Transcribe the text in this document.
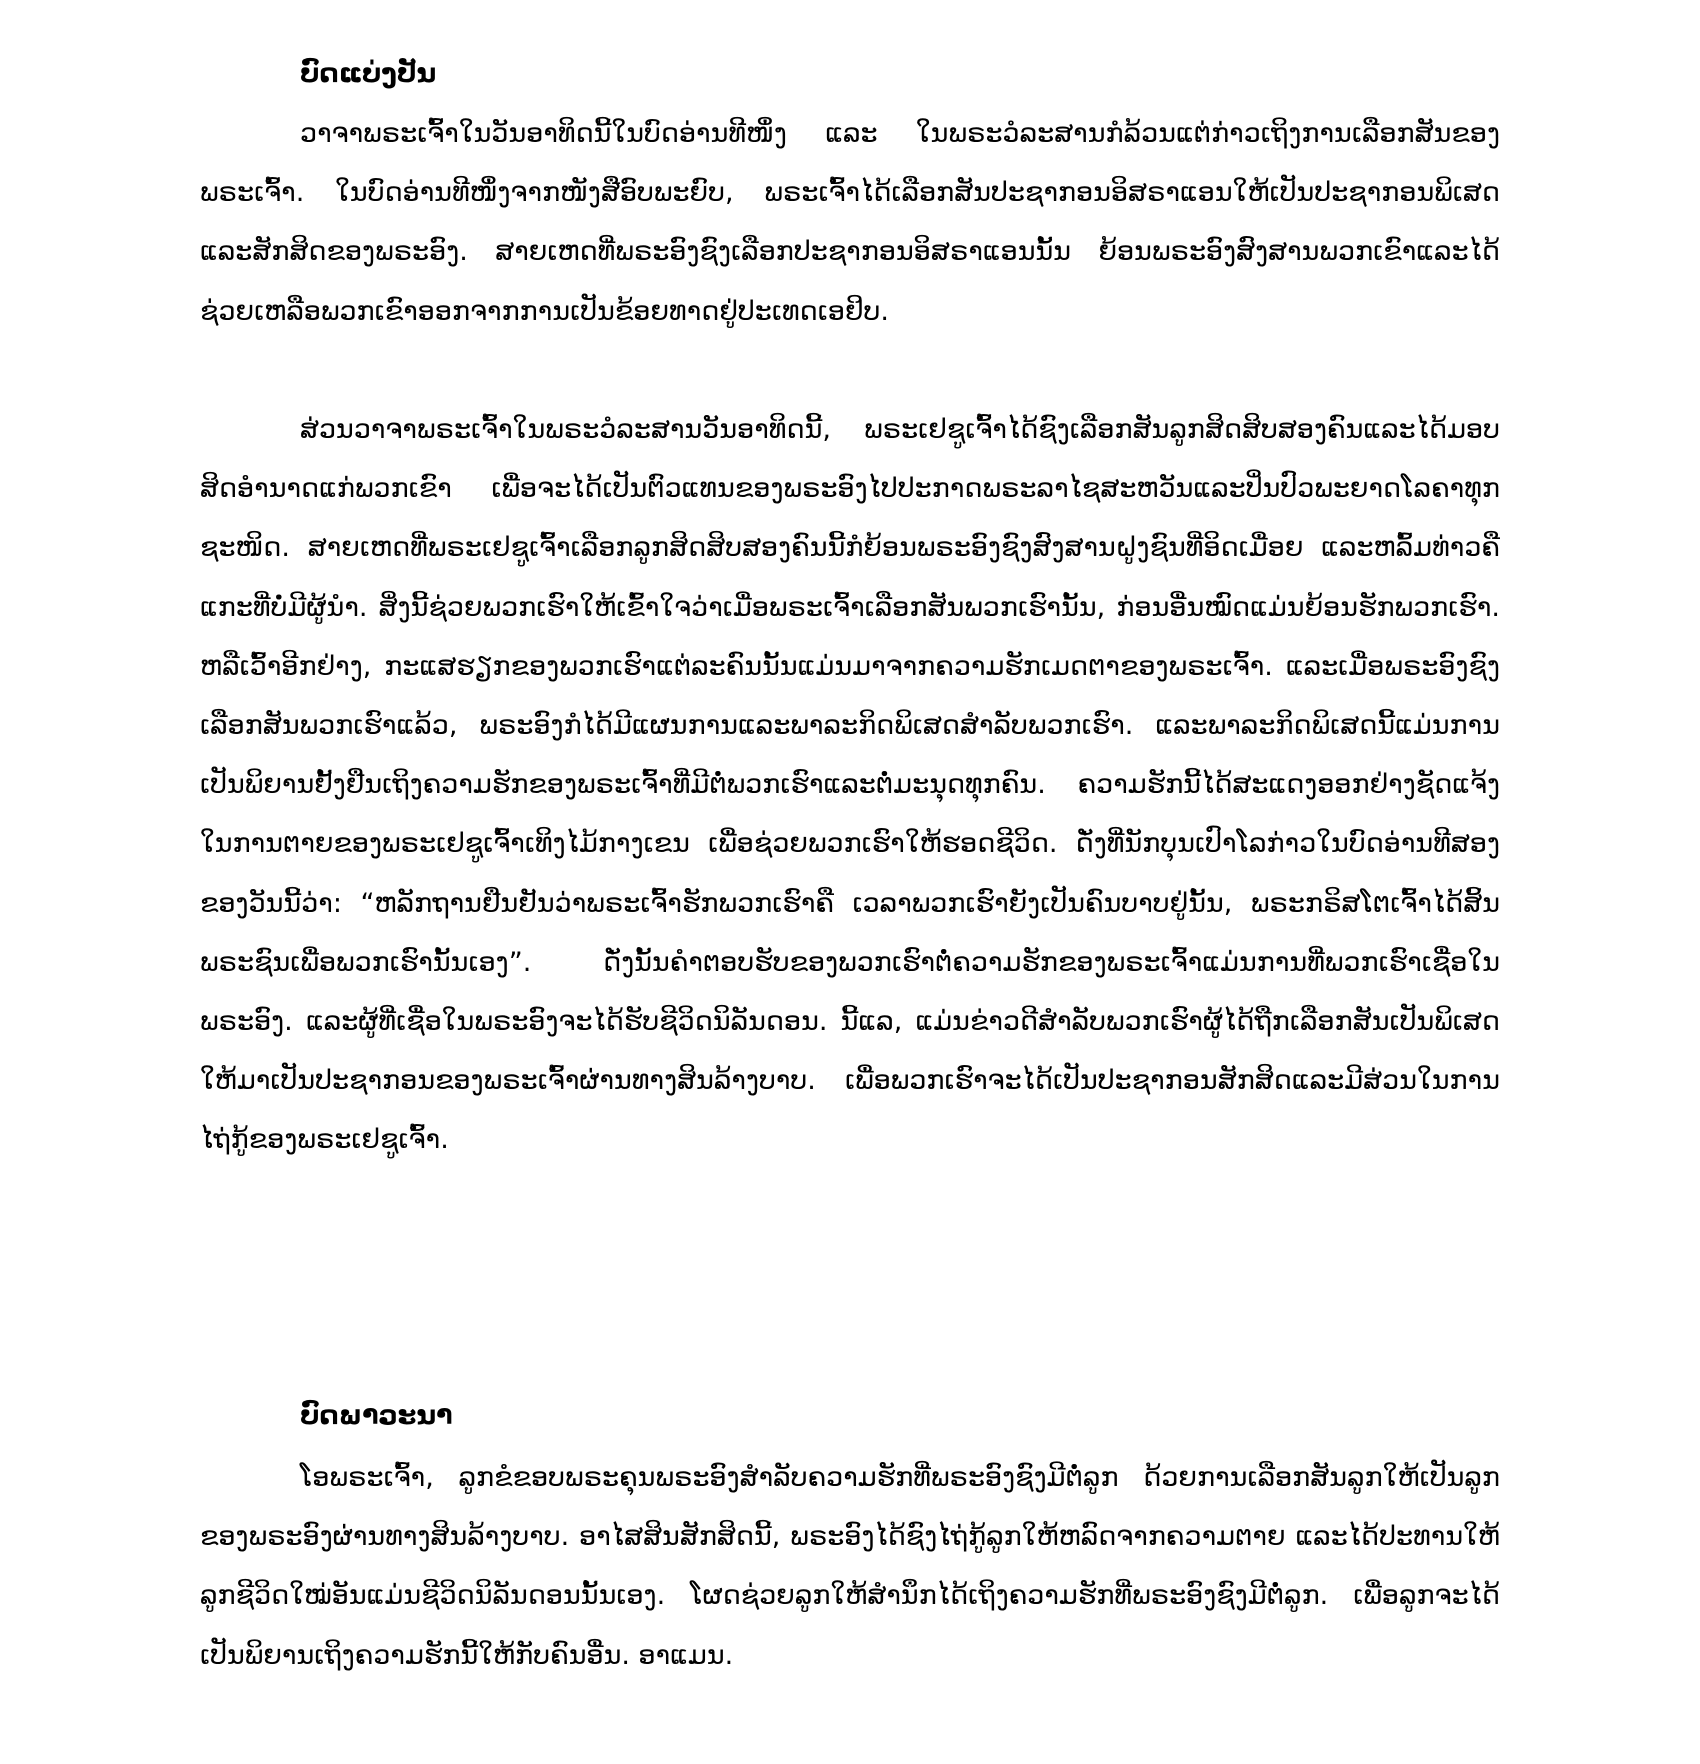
ບົດແບ່ງປັນ

ວາຈາພຣະເຈົ້າໃນວັນອາທິດນີ້ໃນບົດອ່ານທີໜຶ່ງ ແລະ ໃນພຣະວໍລະສານກໍລ້ວນແຕ່ກ່າວເຖິງການເລືອກສັນຂອງພຣະເຈົ້າ. ໃນບົດອ່ານທີໜຶ່ງຈາກໜັງສືອົບພະຍົບ, ພຣະເຈົ້າໄດ້ເລືອກສັນປະຊາກອນອິສຣາແອນໃຫ້ເປັນປະຊາກອນພິເສດແລະສັກສິດຂອງພຣະອົງ. ສາຍເຫດທີ່ພຣະອົງຊົງເລືອກປະຊາກອນອິສຣາແອນນັ້ນ ຍ້ອນພຣະອົງສົງສານພວກເຂົາແລະໄດ້ຊ່ວຍເຫລືອພວກເຂົາອອກຈາກການເປັນຂ້ອຍທາດຢູ່ປະເທດເອຢິບ.

ສ່ວນວາຈາພຣະເຈົ້າໃນພຣະວໍລະສານວັນອາທິດນີ້, ພຣະເຢຊູເຈົ້າໄດ້ຊົງເລືອກສັນລູກສິດສິບສອງຄົນແລະໄດ້ມອບສິດອຳນາດແກ່ພວກເຂົາ ເພື່ອຈະໄດ້ເປັນຕົວແທນຂອງພຣະອົງໄປປະກາດພຣະລາໄຊສະຫວັນແລະປິ່ນປົວພະຍາດໂລຄາທຸກຊະໜິດ. ສາຍເຫດທີ່ພຣະເຢຊູເຈົ້າເລືອກລູກສິດສິບສອງຄົນນີ້ກໍຍ້ອນພຣະອົງຊົງສົງສານຝູງຊົນທີ່ອິດເມື່ອຍ ແລະຫລົ້ມທ່າວຄືແກະທີ່ບໍ່ມີຜູ້ນຳ. ສິ່ງນີ້ຊ່ວຍພວກເຮົາໃຫ້ເຂົ້າໃຈວ່າເມື່ອພຣະເຈົ້າເລືອກສັນພວກເຮົານັ້ນ, ກ່ອນອື່ນໝົດແມ່ນຍ້ອນຮັກພວກເຮົາ. ຫລືເວົ້າອີກຢ່າງ, ກະແສຮຽກຂອງພວກເຮົາແຕ່ລະຄົນນັ້ນແມ່ນມາຈາກຄວາມຮັກເມດຕາຂອງພຣະເຈົ້າ. ແລະເມື່ອພຣະອົງຊົງເລືອກສັນພວກເຮົາແລ້ວ, ພຣະອົງກໍໄດ້ມີແຜນການແລະພາລະກິດພິເສດສຳລັບພວກເຮົາ. ແລະພາລະກິດພິເສດນີ້ແມ່ນການເປັນພິຍານຢັ້ງຢືນເຖິງຄວາມຮັກຂອງພຣະເຈົ້າທີ່ມີຕໍ່ພວກເຮົາແລະຕໍ່ມະນຸດທຸກຄົນ. ຄວາມຮັກນີ້ໄດ້ສະແດງອອກຢ່າງຊັດແຈ້ງໃນການຕາຍຂອງພຣະເຢຊູເຈົ້າເທິງໄມ້ກາງເຂນ ເພື່ອຊ່ວຍພວກເຮົາໃຫ້ຮອດຊີວິດ. ດັ່ງທີ່ນັກບຸນເປົາໂລກ່າວໃນບົດອ່ານທີສອງຂອງວັນນີ້ວ່າ: “ຫລັກຖານຢືນຢັນວ່າພຣະເຈົ້າຮັກພວກເຮົາຄື ເວລາພວກເຮົາຍັງເປັນຄົນບາບຢູ່ນັ້ນ, ພຣະກຣິສໂຕເຈົ້າໄດ້ສິ້ນພຣະຊົນເພື່ອພວກເຮົານັ້ນເອງ”. ດັ່ງນັ້ນຄຳຕອບຮັບຂອງພວກເຮົາຕໍ່ຄວາມຮັກຂອງພຣະເຈົ້າແມ່ນການທີ່ພວກເຮົາເຊື່ອໃນພຣະອົງ. ແລະຜູ້ທີ່ເຊື່ອໃນພຣະອົງຈະໄດ້ຮັບຊີວິດນິລັນດອນ. ນີ້ແລ, ແມ່ນຂ່າວດີສຳລັບພວກເຮົາຜູ້ໄດ້ຖືກເລືອກສັນເປັນພິເສດໃຫ້ມາເປັນປະຊາກອນຂອງພຣະເຈົ້າຜ່ານທາງສິນລ້າງບາບ. ເພື່ອພວກເຮົາຈະໄດ້ເປັນປະຊາກອນສັກສິດແລະມີສ່ວນໃນການໄຖ່ກູ້ຂອງພຣະເຢຊູເຈົ້າ.

ບົດພາວະນາ

ໂອພຣະເຈົ້າ, ລູກຂໍຂອບພຣະຄຸນພຣະອົງສຳລັບຄວາມຮັກທີ່ພຣະອົງຊົງມີຕໍ່ລູກ ດ້ວຍການເລືອກສັນລູກໃຫ້ເປັນລູກຂອງພຣະອົງຜ່ານທາງສິນລ້າງບາບ. ອາໄສສິນສັກສິດນີ້, ພຣະອົງໄດ້ຊົງໄຖ່ກູ້ລູກໃຫ້ຫລົດຈາກຄວາມຕາຍ ແລະໄດ້ປະທານໃຫ້ລູກຊີວິດໃໝ່ອັນແມ່ນຊີວິດນິລັນດອນນັ້ນເອງ. ໂຜດຊ່ວຍລູກໃຫ້ສຳນຶກໄດ້ເຖິງຄວາມຮັກທີ່ພຣະອົງຊົງມີຕໍ່ລູກ. ເພື່ອລູກຈະໄດ້ເປັນພິຍານເຖິງຄວາມຮັກນີ້ໃຫ້ກັບຄົນອື່ນ. ອາແມນ.
